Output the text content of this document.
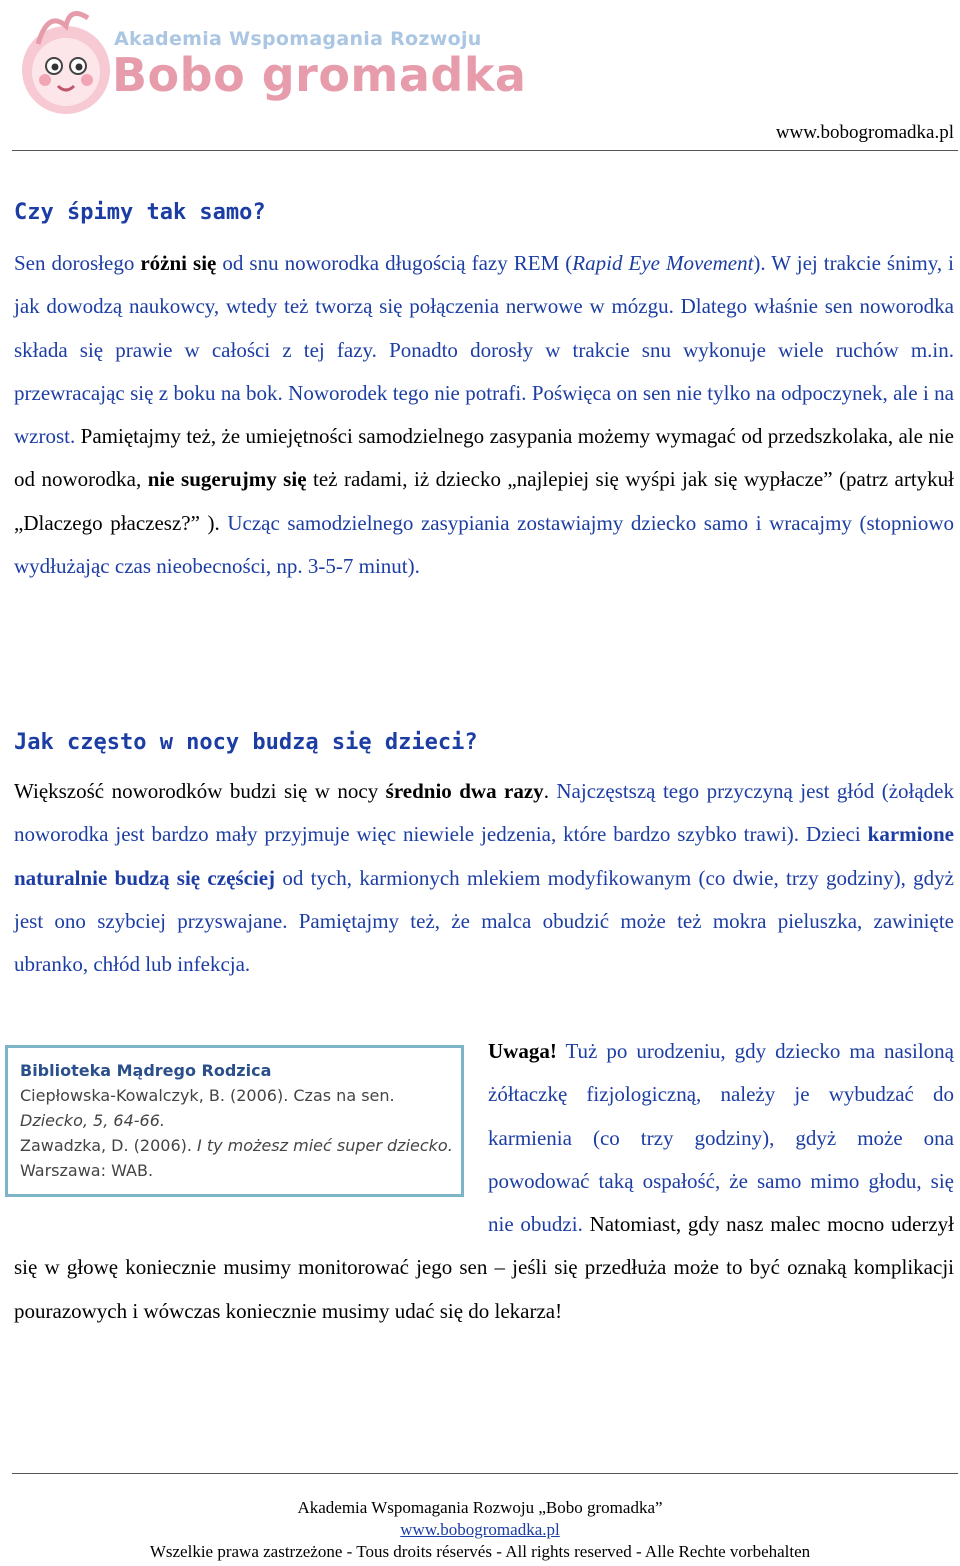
Akademia Wspomagania Rozwoju
Bobo gromadka
www.bobogromadka.pl
Czy śpimy tak samo?

Sen dorosłego różni się od snu noworodka długością fazy REM (Rapid Eye Movement). W jej trakcie śnimy, i jak dowodzą naukowcy, wtedy też tworzą się połączenia nerwowe w mózgu. Dlatego właśnie sen noworodka składa się prawie w całości z tej fazy. Ponadto dorosły w trakcie snu wykonuje wiele ruchów m.in. przewracając się z boku na bok. Noworodek tego nie potrafi. Poświęca on sen nie tylko na odpoczynek, ale i na wzrost. Pamiętajmy też, że umiejętności samodzielnego zasypania możemy wymagać od przedszkolaka, ale nie od noworodka, nie sugerujmy się też radami, iż dziecko „najlepiej się wyśpi jak się wypłacze” (patrz artykuł „Dlaczego płaczesz?” ). Ucząc samodzielnego zasypiania zostawiajmy dziecko samo i wracajmy (stopniowo wydłużając czas nieobecności, np. 3-5-7 minut).

Jak często w nocy budzą się dzieci?

Większość noworodków budzi się w nocy średnio dwa razy. Najczęstszą tego przyczyną jest głód (żołądek noworodka jest bardzo mały przyjmuje więc niewiele jedzenia, które bardzo szybko trawi). Dzieci karmione naturalnie budzą się częściej od tych, karmionych mlekiem modyfikowanym (co dwie, trzy godziny), gdyż jest ono szybciej przyswajane. Pamiętajmy też, że malca obudzić może też mokra pieluszka, zawinięte ubranko, chłód lub infekcja.

Uwaga! Tuż po urodzeniu, gdy dziecko ma nasiloną żółtaczkę fizjologiczną, należy je wybudzać do karmienia (co trzy godziny), gdyż może ona powodować taką ospałość, że samo mimo głodu, się nie obudzi. Natomiast, gdy nasz malec mocno uderzył się w głowę koniecznie musimy monitorować jego sen – jeśli się przedłuża może to być oznaką komplikacji pourazowych i wówczas koniecznie musimy udać się do lekarza!

Biblioteka Mądrego Rodzica
Ciepłowska-Kowalczyk, B. (2006). Czas na sen. Dziecko, 5, 64-66.
Zawadzka, D. (2006). I ty możesz mieć super dziecko.
Warszawa: WAB.
Akademia Wspomagania Rozwoju „Bobo gromadka”
www.bobogromadka.pl
Wszelkie prawa zastrzeżone - Tous droits réservés - All rights reserved - Alle Rechte vorbehalten
